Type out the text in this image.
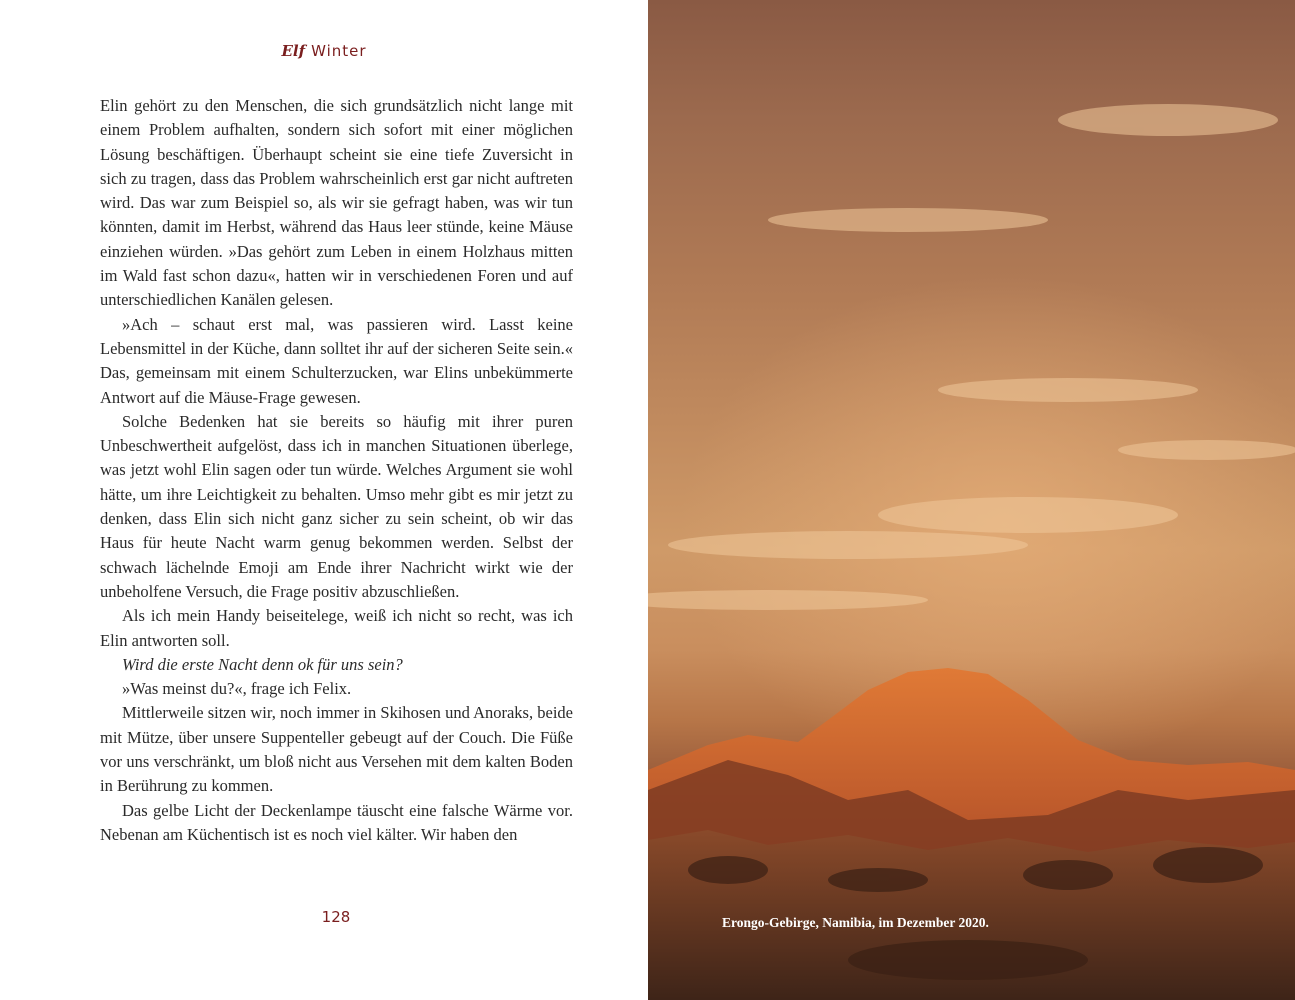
Elf Winter

Elin gehört zu den Menschen, die sich grundsätzlich nicht lange mit einem Problem aufhalten, sondern sich sofort mit einer möglichen Lösung beschäftigen. Überhaupt scheint sie eine tiefe Zuversicht in sich zu tragen, dass das Problem wahrscheinlich erst gar nicht auftreten wird. Das war zum Beispiel so, als wir sie gefragt haben, was wir tun könnten, damit im Herbst, während das Haus leer stünde, keine Mäuse einziehen würden. »Das gehört zum Leben in einem Holzhaus mitten im Wald fast schon dazu«, hatten wir in verschiedenen Foren und auf unterschiedlichen Kanälen gelesen.

»Ach – schaut erst mal, was passieren wird. Lasst keine Lebensmittel in der Küche, dann solltet ihr auf der sicheren Seite sein.« Das, gemeinsam mit einem Schulterzucken, war Elins unbekümmerte Antwort auf die Mäuse-Frage gewesen.

Solche Bedenken hat sie bereits so häufig mit ihrer puren Unbeschwertheit aufgelöst, dass ich in manchen Situationen überlege, was jetzt wohl Elin sagen oder tun würde. Welches Argument sie wohl hätte, um ihre Leichtigkeit zu behalten. Umso mehr gibt es mir jetzt zu denken, dass Elin sich nicht ganz sicher zu sein scheint, ob wir das Haus für heute Nacht warm genug bekommen werden. Selbst der schwach lächelnde Emoji am Ende ihrer Nachricht wirkt wie der unbeholfene Versuch, die Frage positiv abzuschließen.

Als ich mein Handy beiseitelege, weiß ich nicht so recht, was ich Elin antworten soll.

Wird die erste Nacht denn ok für uns sein?

»Was meinst du?«, frage ich Felix.

Mittlerweile sitzen wir, noch immer in Skihosen und Anoraks, beide mit Mütze, über unsere Suppenteller gebeugt auf der Couch. Die Füße vor uns verschränkt, um bloß nicht aus Versehen mit dem kalten Boden in Berührung zu kommen.

Das gelbe Licht der Deckenlampe täuscht eine falsche Wärme vor. Nebenan am Küchentisch ist es noch viel kälter. Wir haben den

128	Erongo-Gebirge, Namibia, im Dezember 2020.
